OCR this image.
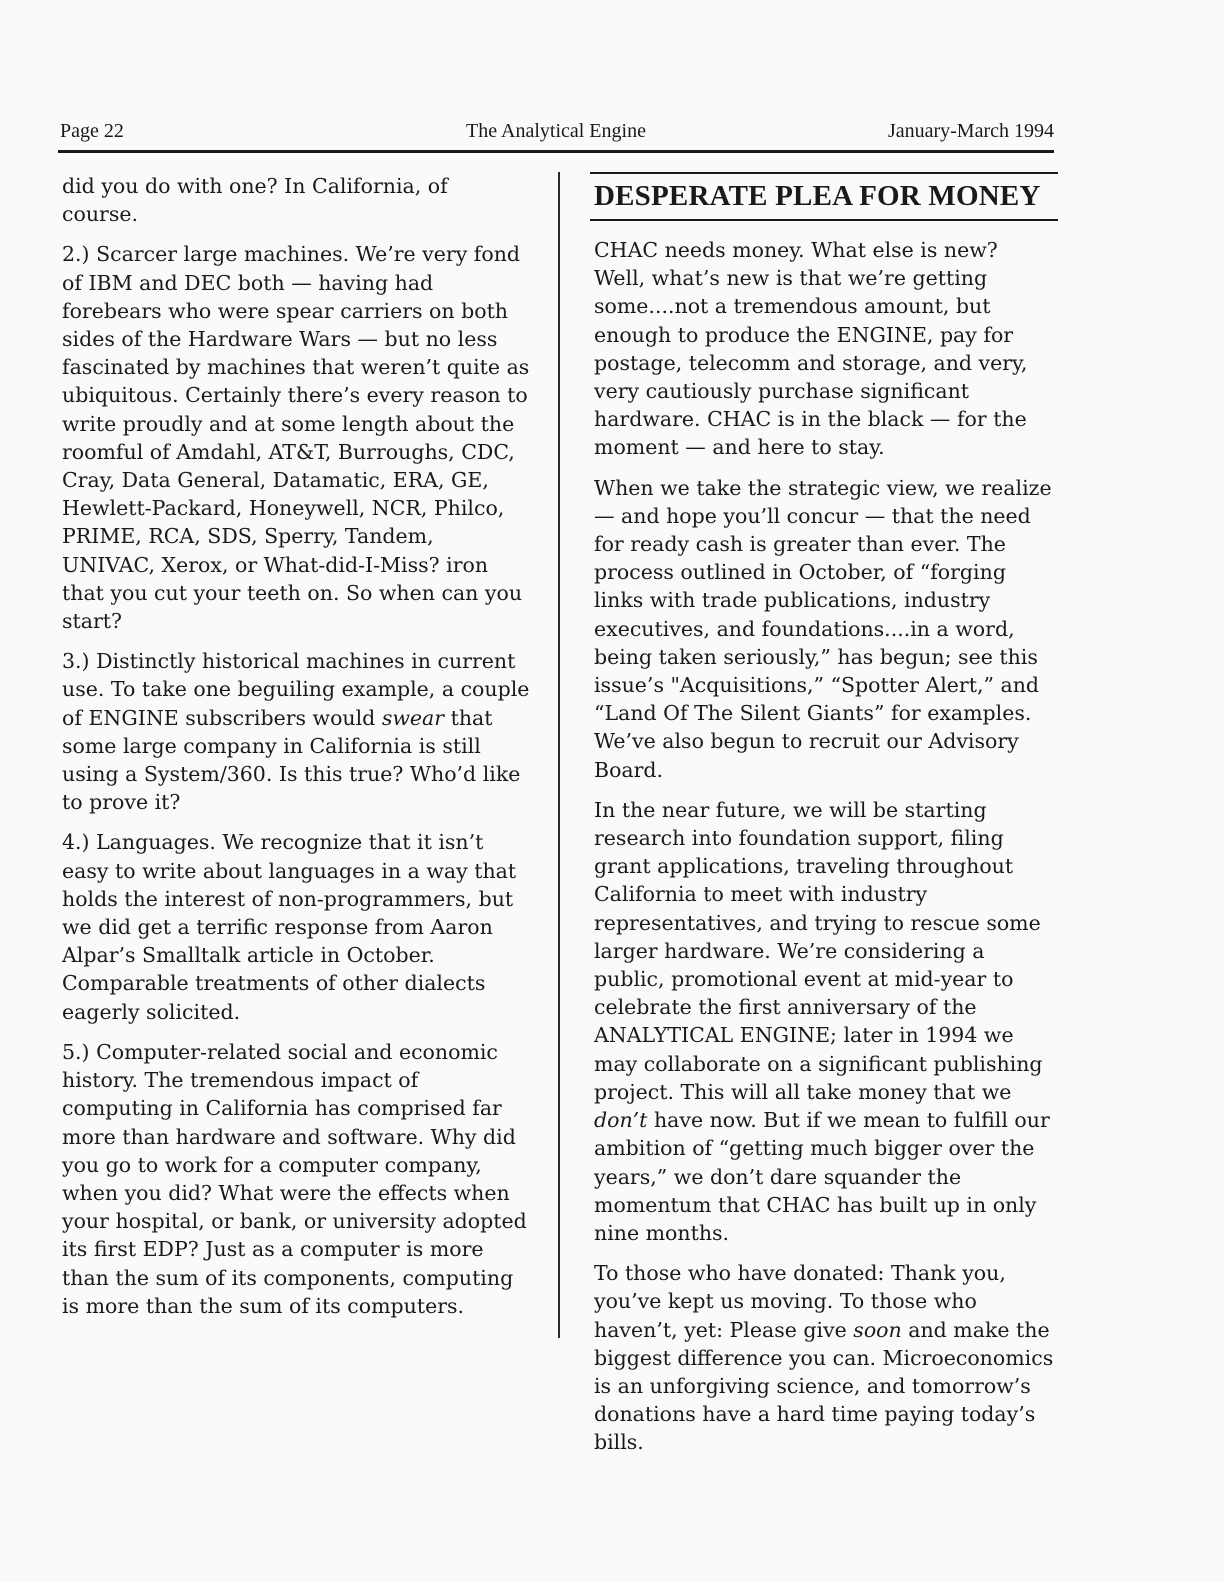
Page 22	The Analytical Engine	January-March 1994

did you do with one? In California, of course.

2.) Scarcer large machines. We’re very fond of IBM and DEC both — having had forebears who were spear carriers on both sides of the Hardware Wars — but no less fascinated by machines that weren’t quite as ubiquitous. Certainly there’s every reason to write proudly and at some length about the roomful of Amdahl, AT&T, Burroughs, CDC, Cray, Data General, Datamatic, ERA, GE, Hewlett-Packard, Honeywell, NCR, Philco, PRIME, RCA, SDS, Sperry, Tandem, UNIVAC, Xerox, or What-did-I-Miss? iron that you cut your teeth on. So when can you start?

3.) Distinctly historical machines in current use. To take one beguiling example, a couple of ENGINE subscribers would swear that some large company in California is still using a System/360. Is this true? Who’d like to prove it?

4.) Languages. We recognize that it isn’t easy to write about languages in a way that holds the interest of non-programmers, but we did get a terrific response from Aaron Alpar’s Smalltalk article in October. Comparable treatments of other dialects eagerly solicited.

5.) Computer-related social and economic history. The tremendous impact of computing in California has comprised far more than hardware and software. Why did you go to work for a computer company, when you did? What were the effects when your hospital, or bank, or university adopted its first EDP? Just as a computer is more than the sum of its components, computing is more than the sum of its computers.

DESPERATE PLEA FOR MONEY

CHAC needs money. What else is new? Well, what’s new is that we’re getting some....not a tremendous amount, but enough to produce the ENGINE, pay for postage, telecomm and storage, and very, very cautiously purchase significant hardware. CHAC is in the black — for the moment — and here to stay.

When we take the strategic view, we realize — and hope you’ll concur — that the need for ready cash is greater than ever. The process outlined in October, of “forging links with trade publications, industry executives, and foundations....in a word, being taken seriously,” has begun; see this issue’s "Acquisitions,” “Spotter Alert,” and “Land Of The Silent Giants” for examples. We’ve also begun to recruit our Advisory Board.

In the near future, we will be starting research into foundation support, filing grant applications, traveling throughout California to meet with industry representatives, and trying to rescue some larger hardware. We’re considering a public, promotional event at mid-year to celebrate the first anniversary of the ANALYTICAL ENGINE; later in 1994 we may collaborate on a significant publishing project. This will all take money that we don’t have now. But if we mean to fulfill our ambition of “getting much bigger over the years,” we don’t dare squander the momentum that CHAC has built up in only nine months.

To those who have donated: Thank you, you’ve kept us moving. To those who haven’t, yet: Please give soon and make the biggest difference you can. Microeconomics is an unforgiving science, and tomorrow’s donations have a hard time paying today’s bills.
